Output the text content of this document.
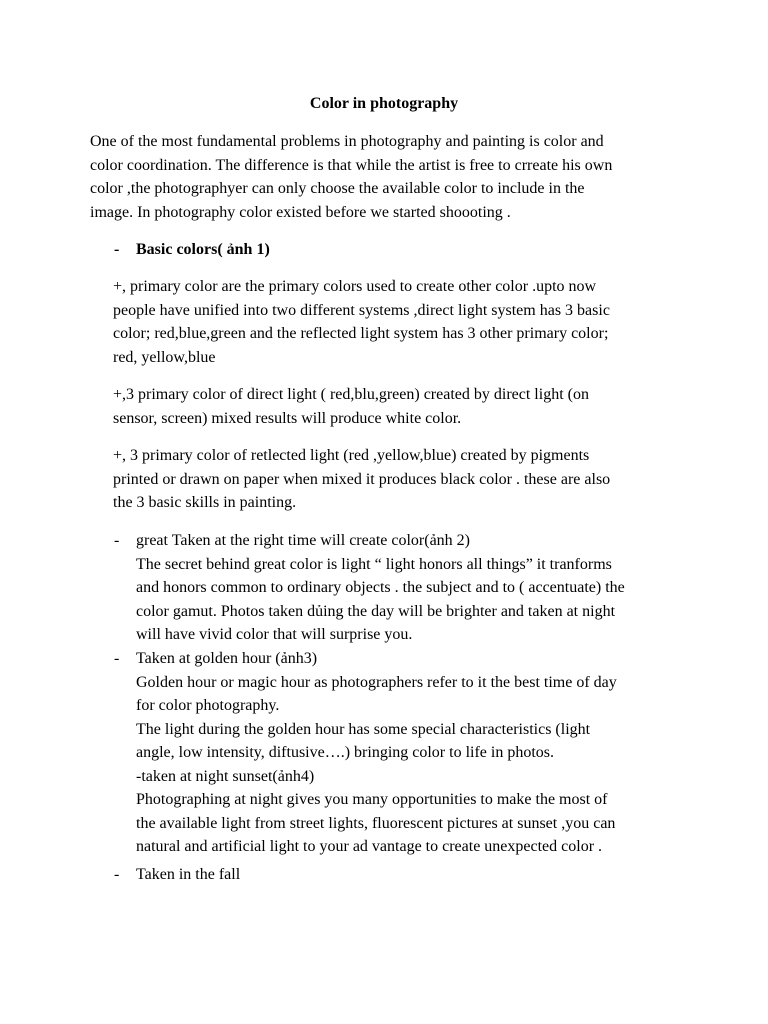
Color in photography
One of the most fundamental problems in photography and painting is color and
color coordination. The difference is that while the artist is free to crreate his own
color ,the photographyer can only choose the available color to include in the
image. In photography color existed before we started shoooting .
- Basic colors( ảnh 1)
+, primary color are the primary colors used to create other color .upto now
people have unified into two different systems ,direct light system has 3 basic
color; red,blue,green and the reflected light system has 3 other primary color;
red, yellow,blue
+,3 primary color of direct light ( red,blu,green) created by direct light (on
sensor, screen) mixed results will produce white color.
+, 3 primary color of retlected light (red ,yellow,blue) created by pigments
printed or drawn on paper when mixed it produces black color . these are also
the 3 basic skills in painting.
- great Taken at the right time will create color(ảnh 2)
The secret behind great color is light “ light honors all things” it tranforms
and honors common to ordinary objects . the subject and to ( accentuate) the
color gamut. Photos taken dủing the day will be brighter and taken at night
will have vivid color that will surprise you.
- Taken at golden hour (ảnh3)
Golden hour or magic hour as photographers refer to it the best time of day
for color photography.
The light during the golden hour has some special characteristics (light
angle, low intensity, diftusive….) bringing color to life in photos.
-taken at night sunset(ảnh4)
Photographing at night gives you many opportunities to make the most of
the available light from street lights, fluorescent pictures at sunset ,you can
natural and artificial light to your ad vantage to create unexpected color .
- Taken in the fall
